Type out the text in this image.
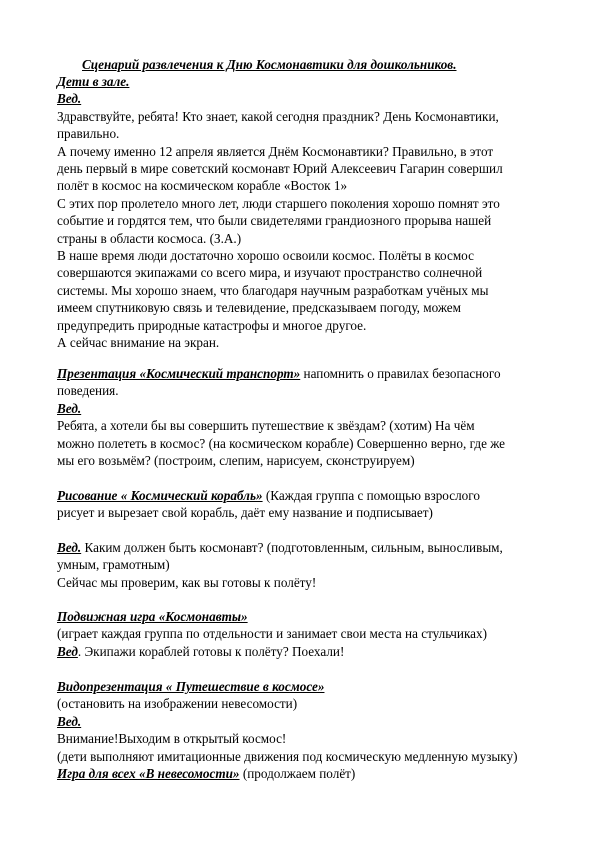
Сценарий развлечения к Дню Космонавтики для дошкольников.
Дети в зале.
Вед.
Здравствуйте, ребята! Кто знает, какой сегодня праздник? День Космонавтики,
правильно.
А почему именно 12 апреля является Днём Космонавтики? Правильно, в этот
день первый в мире советский космонавт Юрий Алексеевич Гагарин совершил
полёт в космос на космическом корабле «Восток 1»
С этих пор пролетело много лет, люди старшего поколения хорошо помнят это
событие и гордятся тем, что были свидетелями грандиозного прорыва нашей
страны в области космоса. (З.А.)
В наше время люди достаточно хорошо освоили космос. Полёты в космос
совершаются экипажами со всего мира, и изучают пространство солнечной
системы. Мы хорошо знаем, что благодаря научным разработкам учёных мы
имеем спутниковую связь и телевидение, предсказываем погоду, можем
предупредить природные катастрофы и многое другое.
А сейчас внимание на экран.
Презентация «Космический транспорт» напомнить о правилах безопасного
поведения.
Вед.
Ребята, а хотели бы вы совершить путешествие к звёздам? (хотим) На чём
можно полететь в космос? (на космическом корабле) Совершенно верно, где же
мы его возьмём? (построим, слепим, нарисуем, сконструируем)
Рисование « Космический корабль» (Каждая группа с помощью взрослого
рисует и вырезает свой корабль, даёт ему название и подписывает)
Вед. Каким должен быть космонавт? (подготовленным, сильным, выносливым,
умным, грамотным)
Сейчас мы проверим, как вы готовы к полёту!
Подвижная игра «Космонавты»
(играет каждая группа по отдельности и занимает свои места на стульчиках)
Вед. Экипажи кораблей готовы к полёту? Поехали!
Видопрезентация « Путешествие в космосе»
(остановить на изображении невесомости)
Вед.
Внимание!Выходим в открытый космос!
(дети выполняют имитационные движения под космическую медленную музыку)
Игра для всех «В невесомости» (продолжаем полёт)
